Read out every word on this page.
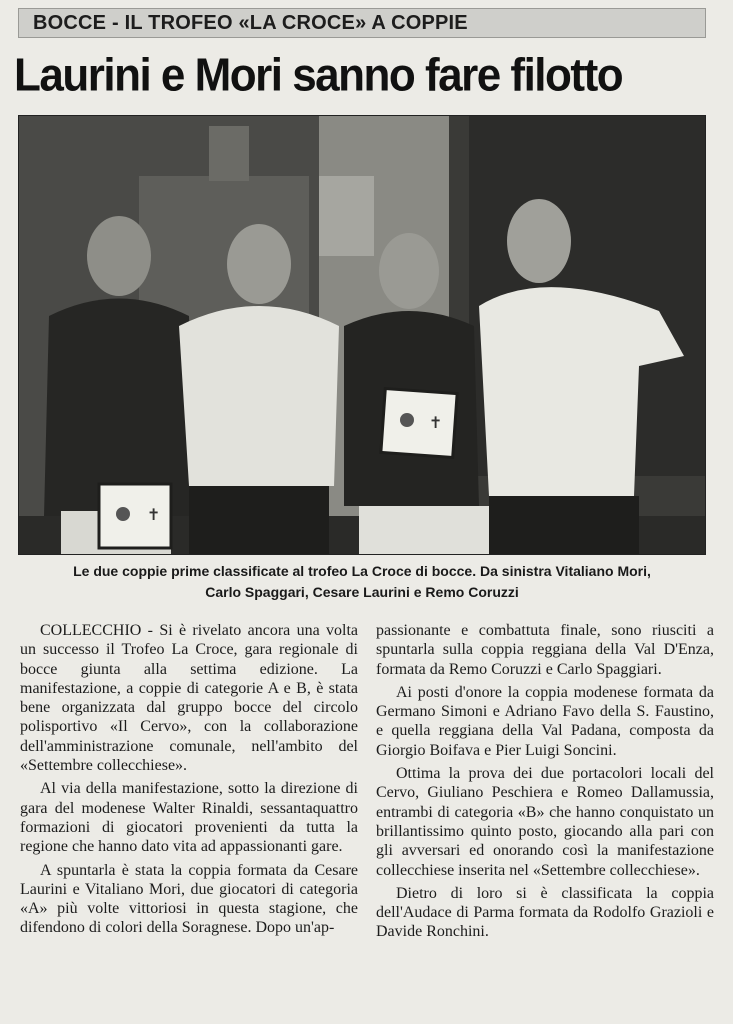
BOCCE - IL TROFEO «LA CROCE» A COPPIE
Laurini e Mori sanno fare filotto
✝
✝
Le due coppie prime classificate al trofeo La Croce di bocce. Da sinistra Vitaliano Mori,
Carlo Spaggari, Cesare Laurini e Remo Coruzzi

COLLECCHIO - Si è rivelato ancora una volta un successo il Trofeo La Croce, gara regionale di bocce giunta alla settima edizione. La manifestazione, a coppie di categorie A e B, è stata bene organizzata dal gruppo bocce del circolo polisportivo «Il Cervo», con la collaborazione dell'amministrazione comunale, nell'ambito del «Settembre collecchiese».

Al via della manifestazione, sotto la direzione di gara del modenese Walter Rinaldi, sessantaquattro formazioni di giocatori provenienti da tutta la regione che hanno dato vita ad appassionanti gare.

A spuntarla è stata la coppia formata da Cesare Laurini e Vitaliano Mori, due giocatori di categoria «A» più volte vittoriosi in questa stagione, che difendono di colori della Soragnese. Dopo un'ap-

passionante e combattuta finale, sono riusciti a spuntarla sulla coppia reggiana della Val D'Enza, formata da Remo Coruzzi e Carlo Spaggiari.

Ai posti d'onore la coppia modenese formata da Germano Simoni e Adriano Favo della S. Faustino, e quella reggiana della Val Padana, composta da Giorgio Boifava e Pier Luigi Soncini.

Ottima la prova dei due portacolori locali del Cervo, Giuliano Peschiera e Romeo Dallamussia, entrambi di categoria «B» che hanno conquistato un brillantissimo quinto posto, giocando alla pari con gli avversari ed onorando così la manifestazione collecchiese inserita nel «Settembre collecchiese».

Dietro di loro si è classificata la coppia dell'Audace di Parma formata da Rodolfo Grazioli e Davide Ronchini.
